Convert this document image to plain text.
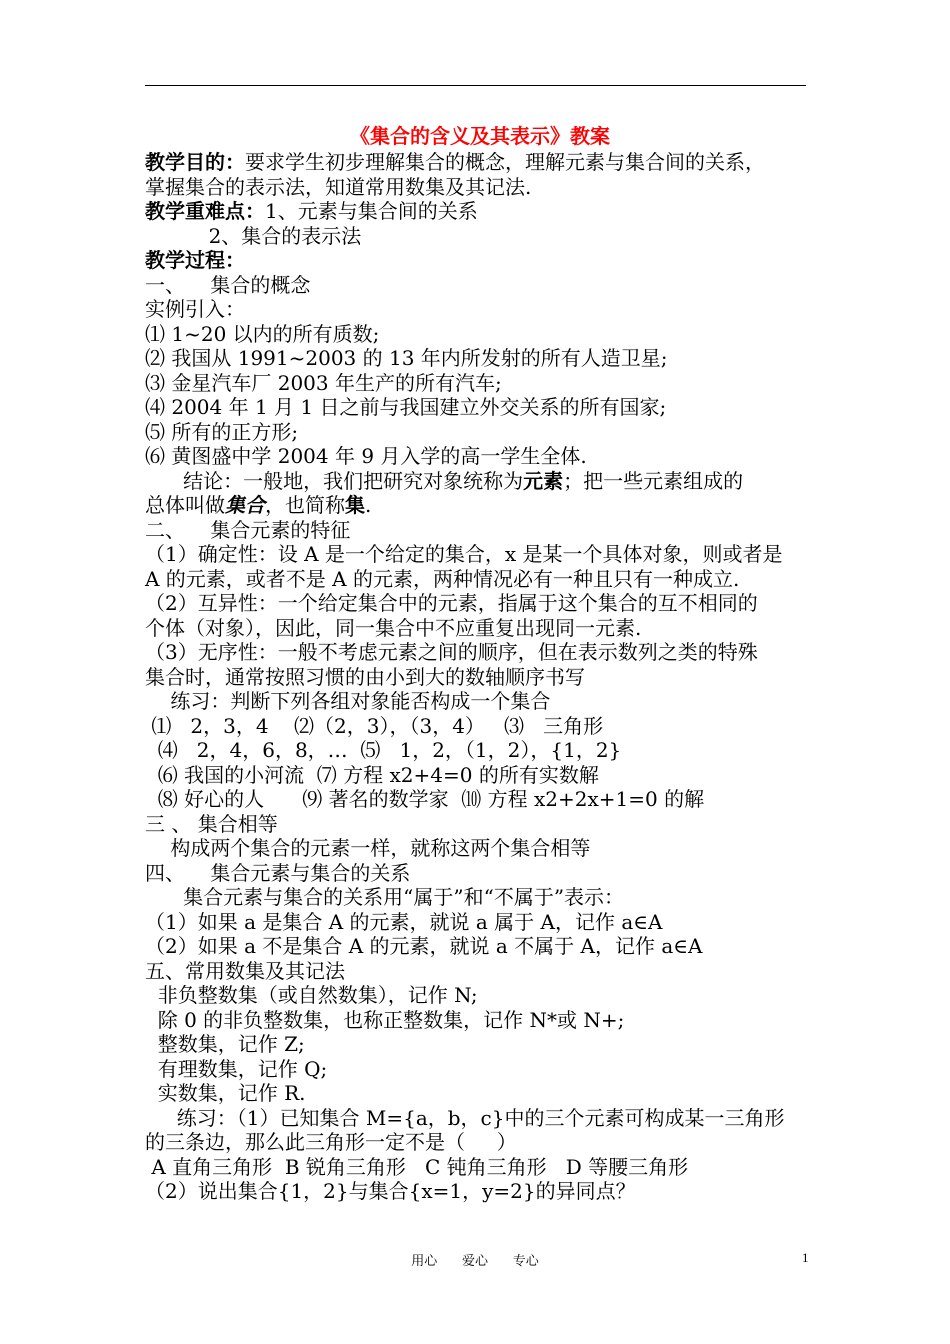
《集合的含义及其表示》教案
教学目的：要求学生初步理解集合的概念，理解元素与集合间的关系，
掌握集合的表示法，知道常用数集及其记法.
教学重难点：1、元素与集合间的关系
2、集合的表示法
教学过程：
一、    集合的概念
实例引入：
⑴ 1~20 以内的所有质数;
⑵ 我国从 1991~2003 的 13 年内所发射的所有人造卫星;
⑶ 金星汽车厂 2003 年生产的所有汽车;
⑷ 2004 年 1 月 1 日之前与我国建立外交关系的所有国家;
⑸ 所有的正方形;
⑹ 黄图盛中学 2004 年 9 月入学的高一学生全体.
结论：一般地，我们把研究对象统称为元素；把一些元素组成的
总体叫做集合，也简称集.
二、    集合元素的特征
（1）确定性：设 A 是一个给定的集合，x 是某一个具体对象，则或者是
A 的元素，或者不是 A 的元素，两种情况必有一种且只有一种成立.
（2）互异性：一个给定集合中的元素，指属于这个集合的互不相同的
个体（对象），因此，同一集合中不应重复出现同一元素.
（3）无序性：一般不考虑元素之间的顺序，但在表示数列之类的特殊
集合时，通常按照习惯的由小到大的数轴顺序书写
练习：判断下列各组对象能否构成一个集合
⑴   2，3，4    ⑵（2，3），（3，4）   ⑶   三角形
⑷   2，4，6，8，…  ⑸   1，2，（1，2），{1，2}
⑹ 我国的小河流  ⑺ 方程 x2+4=0 的所有实数解
⑻ 好心的人      ⑼ 著名的数学家  ⑽ 方程 x2+2x+1=0 的解
三 、 集合相等
构成两个集合的元素一样，就称这两个集合相等
四、    集合元素与集合的关系
集合元素与集合的关系用“属于”和“不属于”表示：
（1）如果 a 是集合 A 的元素，就说 a 属于 A，记作 a∈A
（2）如果 a 不是集合 A 的元素，就说 a 不属于 A，记作 a∈A
五、常用数集及其记法
非负整数集（或自然数集），记作 N;
除 0 的非负整数集，也称正整数集，记作 N*或 N+;
整数集，记作 Z;
有理数集，记作 Q;
实数集，记作 R.
练习：（1）已知集合 M={a，b，c}中的三个元素可构成某一三角形
的三条边，那么此三角形一定不是（     ）
A 直角三角形  B 锐角三角形   C 钝角三角形   D 等腰三角形
（2）说出集合{1，2}与集合{x=1，y=2}的异同点？
用心      爱心      专心	1
